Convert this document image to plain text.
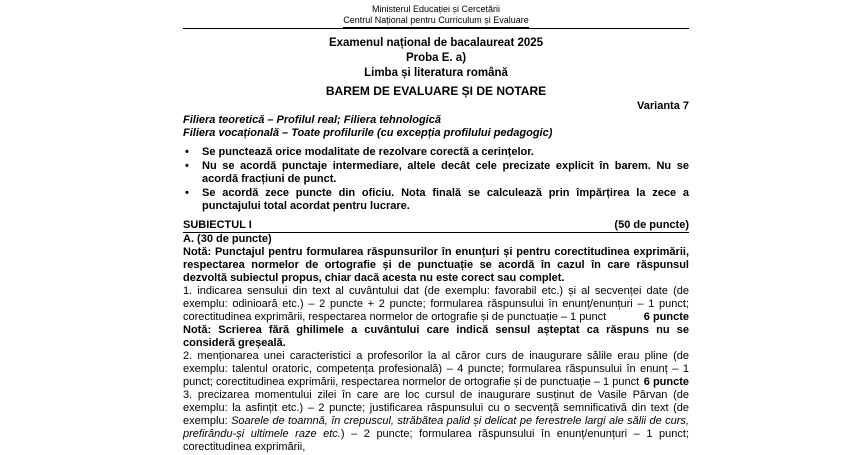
Ministerul Educației și Cercetării
Centrul Național pentru Curriculum și Evaluare
Examenul național de bacalaureat 2025
Proba E. a)
Limba și literatura română
BAREM DE EVALUARE ȘI DE NOTARE
Varianta 7
Filiera teoretică – Profilul real; Filiera tehnologică
Filiera vocațională – Toate profilurile (cu excepția profilului pedagogic)
• Se punctează orice modalitate de rezolvare corectă a cerințelor.
• Nu se acordă punctaje intermediare, altele decât cele precizate explicit în barem. Nu se acordă fracțiuni de punct.
• Se acordă zece puncte din oficiu. Nota finală se calculează prin împărțirea la zece a punctajului total acordat pentru lucrare.
SUBIECTUL I	(50 de puncte)
A. (30 de puncte)
Notă: Punctajul pentru formularea răspunsurilor în enunțuri și pentru corectitudinea exprimării, respectarea normelor de ortografie și de punctuație se acordă în cazul în care răspunsul dezvoltă subiectul propus, chiar dacă acesta nu este corect sau complet.
1. indicarea sensului din text al cuvântului dat (de exemplu: favorabil etc.) și al secvenței date (de exemplu: odinioară etc.) – 2 puncte + 2 puncte; formularea răspunsului în enunț/enunțuri – 1 punct; corectitudinea exprimării, respectarea normelor de ortografie și de punctuație – 1 punct	6 puncte
Notă: Scrierea fără ghilimele a cuvântului care indică sensul așteptat ca răspuns nu se consideră greșeală.
2. menționarea unei caracteristici a profesorilor la al căror curs de inaugurare sălile erau pline (de exemplu: talentul oratoric, competența profesională) – 4 puncte; formularea răspunsului în enunț – 1 punct; corectitudinea exprimării, respectarea normelor de ortografie și de punctuație – 1 punct 6 puncte
3. precizarea momentului zilei în care are loc cursul de inaugurare susținut de Vasile Pârvan (de exemplu: la asfințit etc.) – 2 puncte; justificarea răspunsului cu o secvență semnificativă din text (de exemplu: Soarele de toamnă, în crepuscul, străbătea palid și delicat pe ferestrele largi ale sălii de curs, prefirându-și ultimele raze etc.) – 2 puncte; formularea răspunsului în enunț/enunțuri – 1 punct; corectitudinea exprimării,
